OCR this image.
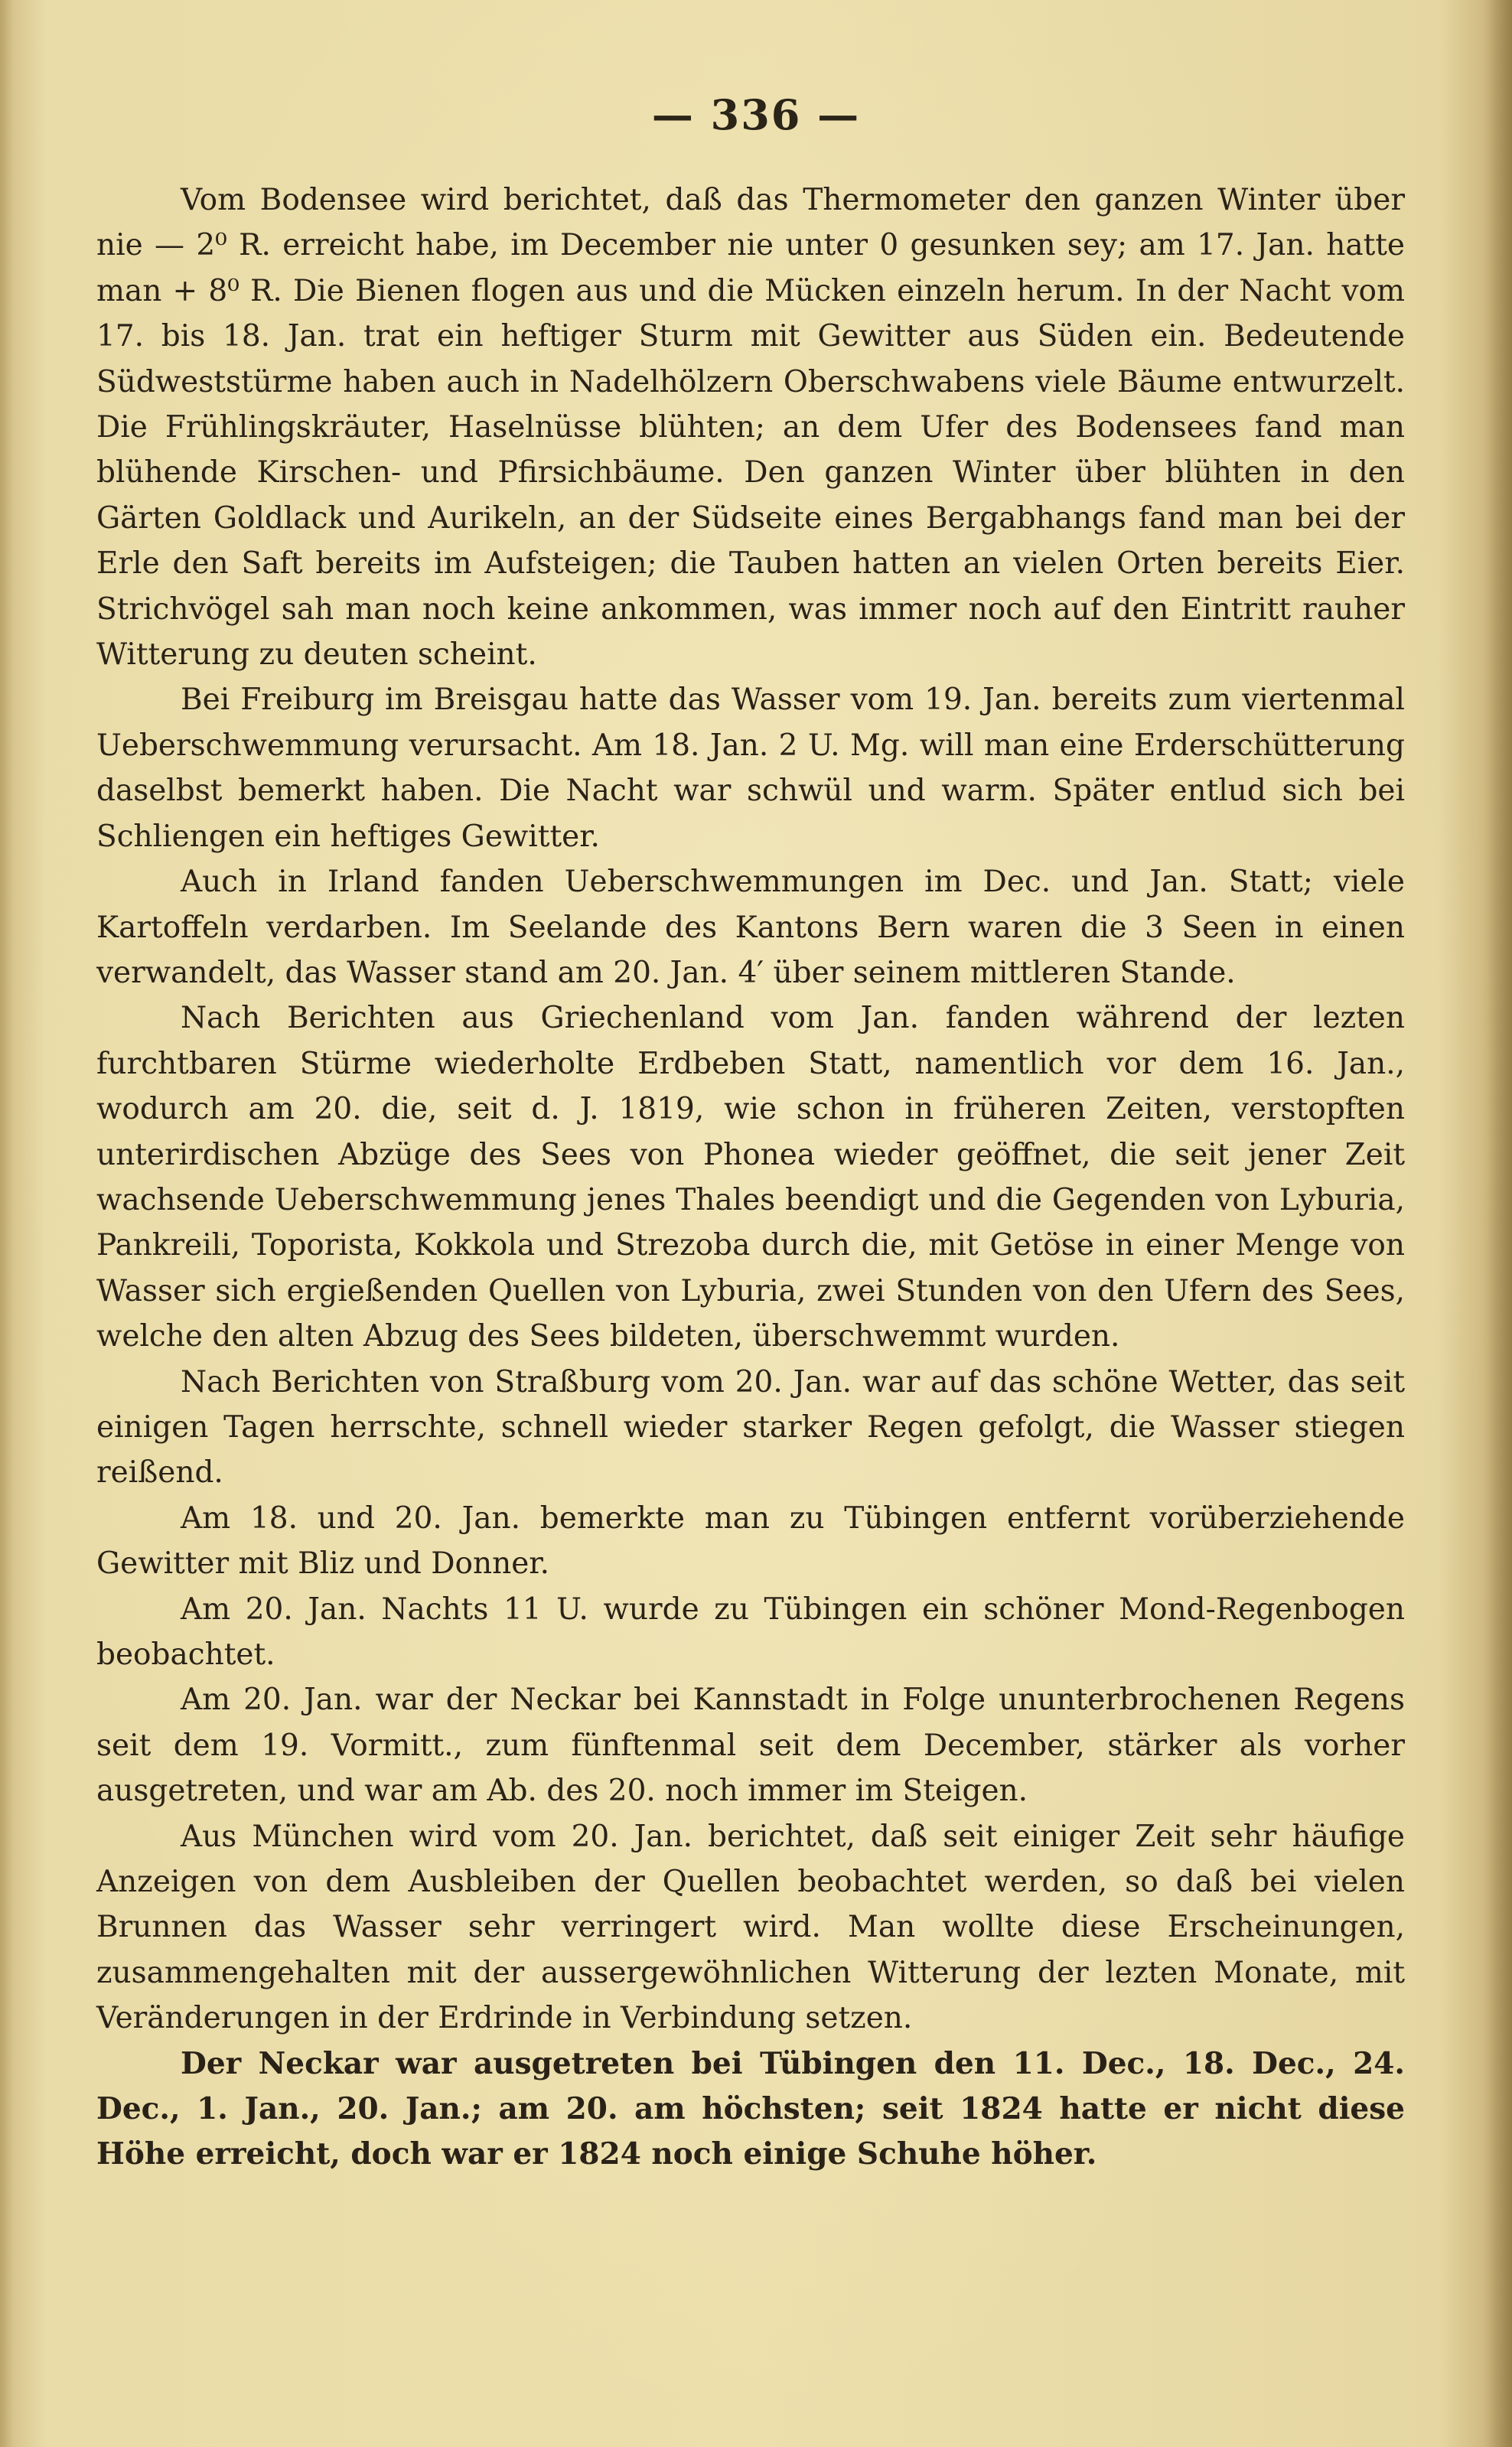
— 336 —

Vom Bodensee wird berichtet, daß das Thermometer den ganzen Winter über nie — 2⁰ R. erreicht habe, im December nie unter 0 gesunken sey; am 17. Jan. hatte man + 8⁰ R. Die Bienen flogen aus und die Mücken einzeln herum. In der Nacht vom 17. bis 18. Jan. trat ein heftiger Sturm mit Gewitter aus Süden ein. Bedeutende Südweststürme haben auch in Nadelhölzern Oberschwabens viele Bäume entwurzelt. Die Frühlingskräuter, Haselnüsse blühten; an dem Ufer des Bodensees fand man blühende Kirschen- und Pfirsichbäume. Den ganzen Winter über blühten in den Gärten Goldlack und Aurikeln, an der Südseite eines Bergabhangs fand man bei der Erle den Saft bereits im Aufsteigen; die Tauben hatten an vielen Orten bereits Eier. Strichvögel sah man noch keine ankommen, was immer noch auf den Eintritt rauher Witterung zu deuten scheint.

Bei Freiburg im Breisgau hatte das Wasser vom 19. Jan. bereits zum viertenmal Ueberschwemmung verursacht. Am 18. Jan. 2 U. Mg. will man eine Erderschütterung daselbst bemerkt haben. Die Nacht war schwül und warm. Später entlud sich bei Schliengen ein heftiges Gewitter.

Auch in Irland fanden Ueberschwemmungen im Dec. und Jan. Statt; viele Kartoffeln verdarben. Im Seelande des Kantons Bern waren die 3 Seen in einen verwandelt, das Wasser stand am 20. Jan. 4′ über seinem mittleren Stande.

Nach Berichten aus Griechenland vom Jan. fanden während der lezten furchtbaren Stürme wiederholte Erdbeben Statt, namentlich vor dem 16. Jan., wodurch am 20. die, seit d. J. 1819, wie schon in früheren Zeiten, verstopften unterirdischen Abzüge des Sees von Phonea wieder geöffnet, die seit jener Zeit wachsende Ueberschwemmung jenes Thales beendigt und die Gegenden von Lyburia, Pankreili, Toporista, Kokkola und Strezoba durch die, mit Getöse in einer Menge von Wasser sich ergießenden Quellen von Lyburia, zwei Stunden von den Ufern des Sees, welche den alten Abzug des Sees bildeten, überschwemmt wurden.

Nach Berichten von Straßburg vom 20. Jan. war auf das schöne Wetter, das seit einigen Tagen herrschte, schnell wieder starker Regen gefolgt, die Wasser stiegen reißend.

Am 18. und 20. Jan. bemerkte man zu Tübingen entfernt vorüberziehende Gewitter mit Bliz und Donner.

Am 20. Jan. Nachts 11 U. wurde zu Tübingen ein schöner Mond-Regenbogen beobachtet.

Am 20. Jan. war der Neckar bei Kannstadt in Folge ununterbrochenen Regens seit dem 19. Vormitt., zum fünftenmal seit dem December, stärker als vorher ausgetreten, und war am Ab. des 20. noch immer im Steigen.

Aus München wird vom 20. Jan. berichtet, daß seit einiger Zeit sehr häufige Anzeigen von dem Ausbleiben der Quellen beobachtet werden, so daß bei vielen Brunnen das Wasser sehr verringert wird. Man wollte diese Erscheinungen, zusammengehalten mit der aussergewöhnlichen Witterung der lezten Monate, mit Veränderungen in der Erdrinde in Verbindung setzen.

Der Neckar war ausgetreten bei Tübingen den 11. Dec., 18. Dec., 24. Dec., 1. Jan., 20. Jan.; am 20. am höchsten; seit 1824 hatte er nicht diese Höhe erreicht, doch war er 1824 noch einige Schuhe höher.
